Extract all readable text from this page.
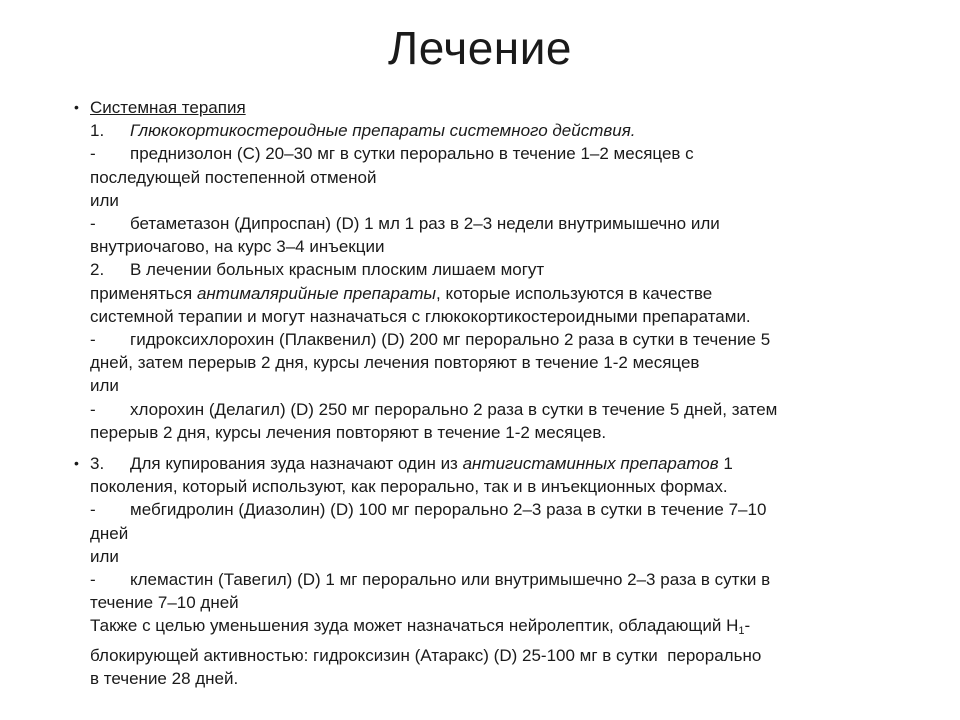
Лечение
• Системная терапия
1. Глюкокортикостероидные препараты системного действия.
- преднизолон (C) 20–30 мг в сутки перорально в течение 1–2 месяцев с
последующей постепенной отменой
или
- бетаметазон (Дипроспан) (D) 1 мл 1 раз в 2–3 недели внутримышечно или
внутриочагово, на курс 3–4 инъекции
2. В лечении больных красным плоским лишаем могут
применяться антималярийные препараты, которые используются в качестве
системной терапии и могут назначаться с глюкокортикостероидными препаратами.
- гидроксихлорохин (Плаквенил) (D) 200 мг перорально 2 раза в сутки в течение 5
дней, затем перерыв 2 дня, курсы лечения повторяют в течение 1-2 месяцев
или
- хлорохин (Делагил) (D) 250 мг перорально 2 раза в сутки в течение 5 дней, затем
перерыв 2 дня, курсы лечения повторяют в течение 1-2 месяцев.
• 3. Для купирования зуда назначают один из антигистаминных препаратов 1
поколения, который используют, как перорально, так и в инъекционных формах.
- мебгидролин (Диазолин) (D) 100 мг перорально 2–3 раза в сутки в течение 7–10
дней
или
- клемастин (Тавегил) (D) 1 мг перорально или внутримышечно 2–3 раза в сутки в
течение 7–10 дней
Также с целью уменьшения зуда может назначаться нейролептик, обладающий $H_1-$
блокирующей активностью: гидроксизин (Атаракс) (D) 25-100 мг в сутки  перорально
в течение 28 дней.
